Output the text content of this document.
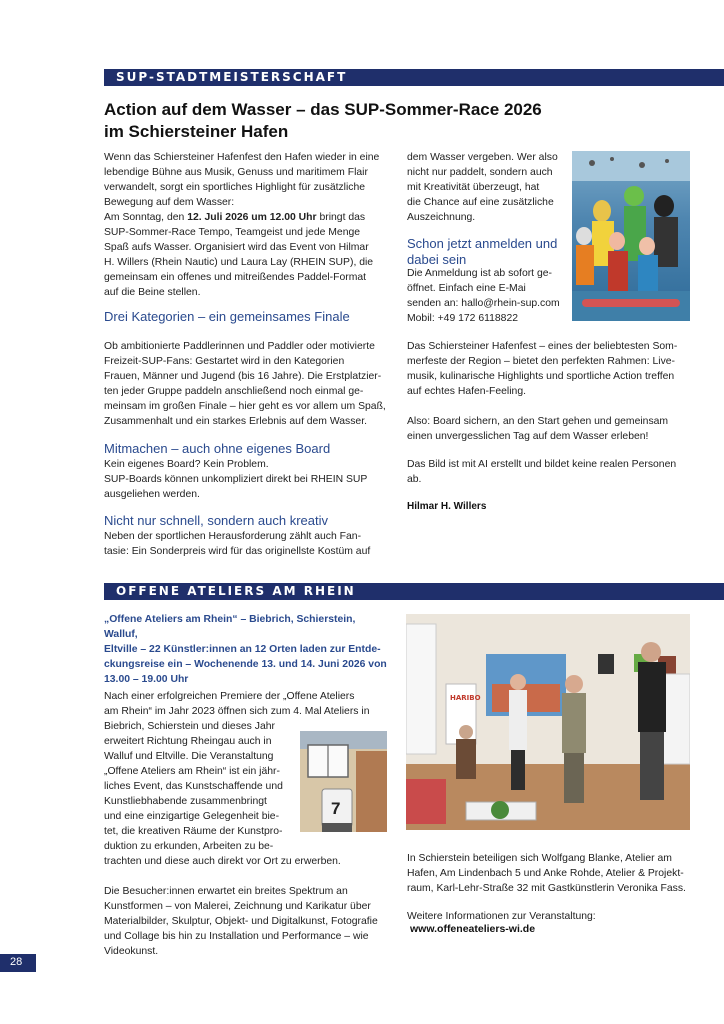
SUP-STADTMEISTERSCHAFT
Action auf dem Wasser – das SUP-Sommer-Race 2026
im Schiersteiner Hafen
Wenn das Schiersteiner Hafenfest den Hafen wieder in eine
lebendige Bühne aus Musik, Genuss und maritimem Flair
verwandelt, sorgt ein sportliches Highlight für zusätzliche
Bewegung auf dem Wasser:
Am Sonntag, den 12. Juli 2026 um 12.00 Uhr bringt das
SUP-Sommer-Race Tempo, Teamgeist und jede Menge
Spaß aufs Wasser. Organisiert wird das Event von Hilmar
H. Willers (Rhein Nautic) und Laura Lay (RHEIN SUP), die
gemeinsam ein offenes und mitreißendes Paddel-Format
auf die Beine stellen.
Drei Kategorien – ein gemeinsames Finale
Ob ambitionierte Paddlerinnen und Paddler oder motivierte
Freizeit-SUP-Fans: Gestartet wird in den Kategorien
Frauen, Männer und Jugend (bis 16 Jahre). Die Erstplatzier-
ten jeder Gruppe paddeln anschließend noch einmal ge-
meinsam im großen Finale – hier geht es vor allem um Spaß,
Zusammenhalt und ein starkes Erlebnis auf dem Wasser.
Mitmachen – auch ohne eigenes Board
Kein eigenes Board? Kein Problem.
SUP-Boards können unkompliziert direkt bei RHEIN SUP
ausgeliehen werden.
Nicht nur schnell, sondern auch kreativ
Neben der sportlichen Herausforderung zählt auch Fan-
tasie: Ein Sonderpreis wird für das originellste Kostüm auf
dem Wasser vergeben. Wer also
nicht nur paddelt, sondern auch
mit Kreativität überzeugt, hat
die Chance auf eine zusätzliche
Auszeichnung.
Schon jetzt anmelden und
dabei sein
Die Anmeldung ist ab sofort ge-
öffnet. Einfach eine E-Mai
senden an: hallo@rhein-sup.com
Mobil: +49 172 6118822
Das Schiersteiner Hafenfest – eines der beliebtesten Som-
merfeste der Region – bietet den perfekten Rahmen: Live-
musik, kulinarische Highlights und sportliche Action treffen
auf echtes Hafen-Feeling.
Also: Board sichern, an den Start gehen und gemeinsam
einen unvergesslichen Tag auf dem Wasser erleben!
Das Bild ist mit AI erstellt und bildet keine realen Personen
ab.
Hilmar H. Willers
OFFENE ATELIERS AM RHEIN
„Offene Ateliers am Rhein“ – Biebrich, Schierstein, Walluf,
Eltville – 22 Künstler:innen an 12 Orten laden zur Entde-
ckungsreise ein – Wochenende 13. und 14. Juni 2026 von
13.00 – 19.00 Uhr
Nach einer erfolgreichen Premiere der „Offene Ateliers
am Rhein“ im Jahr 2023 öffnen sich zum 4. Mal Ateliers in
Biebrich, Schierstein und dieses Jahr
erweitert Richtung Rheingau auch in
Walluf und Eltville. Die Veranstaltung
„Offene Ateliers am Rhein“ ist ein jähr-
liches Event, das Kunstschaffende und
Kunstliebhabende zusammenbringt
und eine einzigartige Gelegenheit bie-
tet, die kreativen Räume der Kunstpro-
duktion zu erkunden, Arbeiten zu be-
trachten und diese auch direkt vor Ort zu erwerben.
7
Die Besucher:innen erwartet ein breites Spektrum an
Kunstformen – von Malerei, Zeichnung und Karikatur über
Materialbilder, Skulptur, Objekt- und Digitalkunst, Fotografie
und Collage bis hin zu Installation und Performance – wie
Videokunst.
HARIBO
In Schierstein beteiligen sich Wolfgang Blanke, Atelier am
Hafen, Am Lindenbach 5 und Anke Rohde, Atelier & Projekt-
raum, Karl-Lehr-Straße 32 mit Gastkünstlerin Veronika Fass.
Weitere Informationen zur Veranstaltung:
www.offeneateliers-wi.de
28
